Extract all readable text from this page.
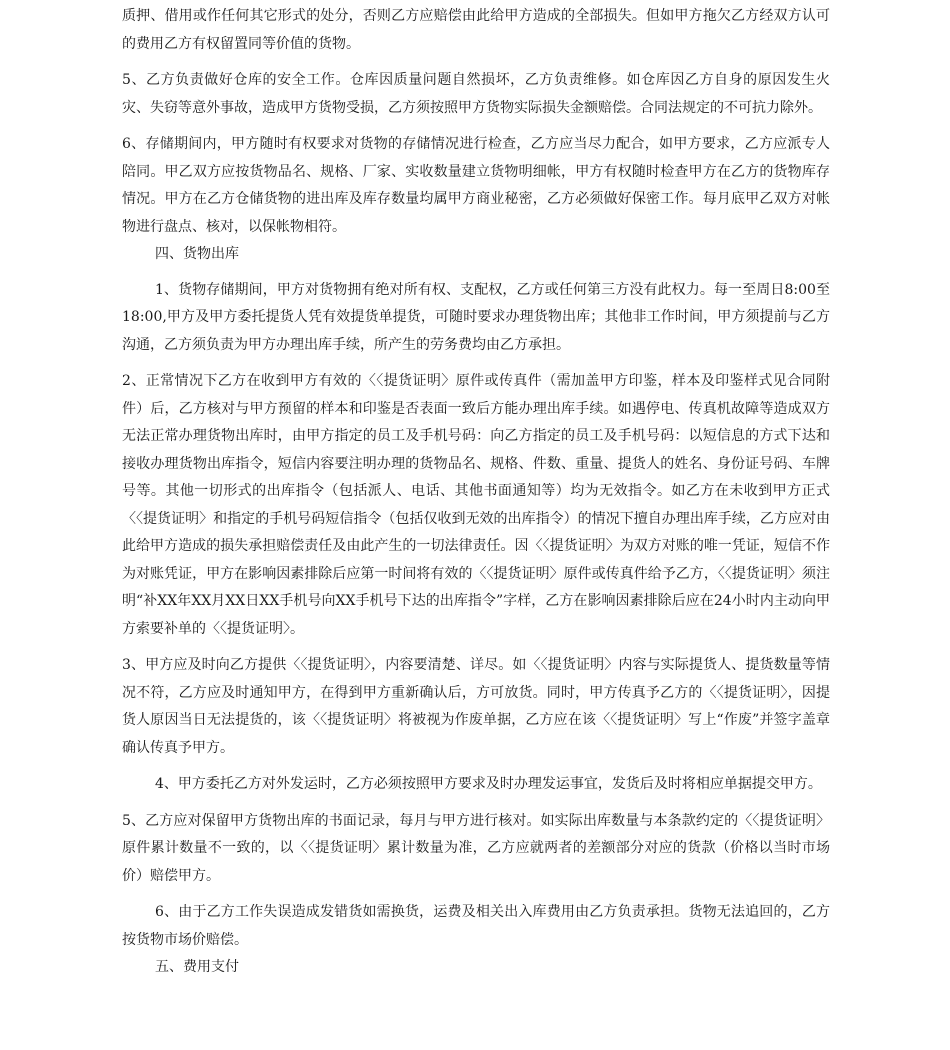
质押、借用或作任何其它形式的处分，否则乙方应赔偿由此给甲方造成的全部损失。但如甲方拖欠乙方经双方认可的费用乙方有权留置同等价值的货物。

5、乙方负责做好仓库的安全工作。仓库因质量问题自然损坏，乙方负责维修。如仓库因乙方自身的原因发生火灾、失窃等意外事故，造成甲方货物受损，乙方须按照甲方货物实际损失金额赔偿。合同法规定的不可抗力除外。

6、存储期间内，甲方随时有权要求对货物的存储情况进行检查，乙方应当尽力配合，如甲方要求，乙方应派专人陪同。甲乙双方应按货物品名、规格、厂家、实收数量建立货物明细帐，甲方有权随时检查甲方在乙方的货物库存情况。甲方在乙方仓储货物的进出库及库存数量均属甲方商业秘密，乙方必须做好保密工作。每月底甲乙双方对帐物进行盘点、核对，以保帐物相符。

四、货物出库

1、货物存储期间，甲方对货物拥有绝对所有权、支配权，乙方或任何第三方没有此权力。每一至周日8:00至18:00,甲方及甲方委托提货人凭有效提货单提货，可随时要求办理货物出库；其他非工作时间，甲方须提前与乙方沟通，乙方须负责为甲方办理出库手续，所产生的劳务费均由乙方承担。

2、正常情况下乙方在收到甲方有效的〈〈提货证明〉原件或传真件（需加盖甲方印鉴，样本及印鉴样式见合同附件）后，乙方核对与甲方预留的样本和印鉴是否表面一致后方能办理出库手续。如遇停电、传真机故障等造成双方无法正常办理货物出库时，由甲方指定的员工及手机号码：向乙方指定的员工及手机号码：以短信息的方式下达和接收办理货物出库指令，短信内容要注明办理的货物品名、规格、件数、重量、提货人的姓名、身份证号码、车牌号等。其他一切形式的出库指令（包括派人、电话、其他书面通知等）均为无效指令。如乙方在未收到甲方正式〈〈提货证明〉和指定的手机号码短信指令（包括仅收到无效的出库指令）的情况下擅自办理出库手续，乙方应对由此给甲方造成的损失承担赔偿责任及由此产生的一切法律责任。因〈〈提货证明〉为双方对账的唯一凭证，短信不作为对账凭证，甲方在影响因素排除后应第一时间将有效的〈〈提货证明〉原件或传真件给予乙方，〈〈提货证明〉须注明“补XX年XX月XX日XX手机号向XX手机号下达的出库指令”字样，乙方在影响因素排除后应在24小时内主动向甲方索要补单的〈〈提货证明〉。

3、甲方应及时向乙方提供〈〈提货证明〉，内容要清楚、详尽。如〈〈提货证明〉内容与实际提货人、提货数量等情况不符，乙方应及时通知甲方，在得到甲方重新确认后，方可放货。同时，甲方传真予乙方的〈〈提货证明〉，因提货人原因当日无法提货的，该〈〈提货证明〉将被视为作废单据，乙方应在该〈〈提货证明〉写上“作废”并签字盖章确认传真予甲方。

4、甲方委托乙方对外发运时，乙方必须按照甲方要求及时办理发运事宜，发货后及时将相应单据提交甲方。

5、乙方应对保留甲方货物出库的书面记录，每月与甲方进行核对。如实际出库数量与本条款约定的〈〈提货证明〉原件累计数量不一致的，以〈〈提货证明〉累计数量为准，乙方应就两者的差额部分对应的货款（价格以当时市场价）赔偿甲方。

6、由于乙方工作失误造成发错货如需换货，运费及相关出入库费用由乙方负责承担。货物无法追回的，乙方按货物市场价赔偿。

五、费用支付
